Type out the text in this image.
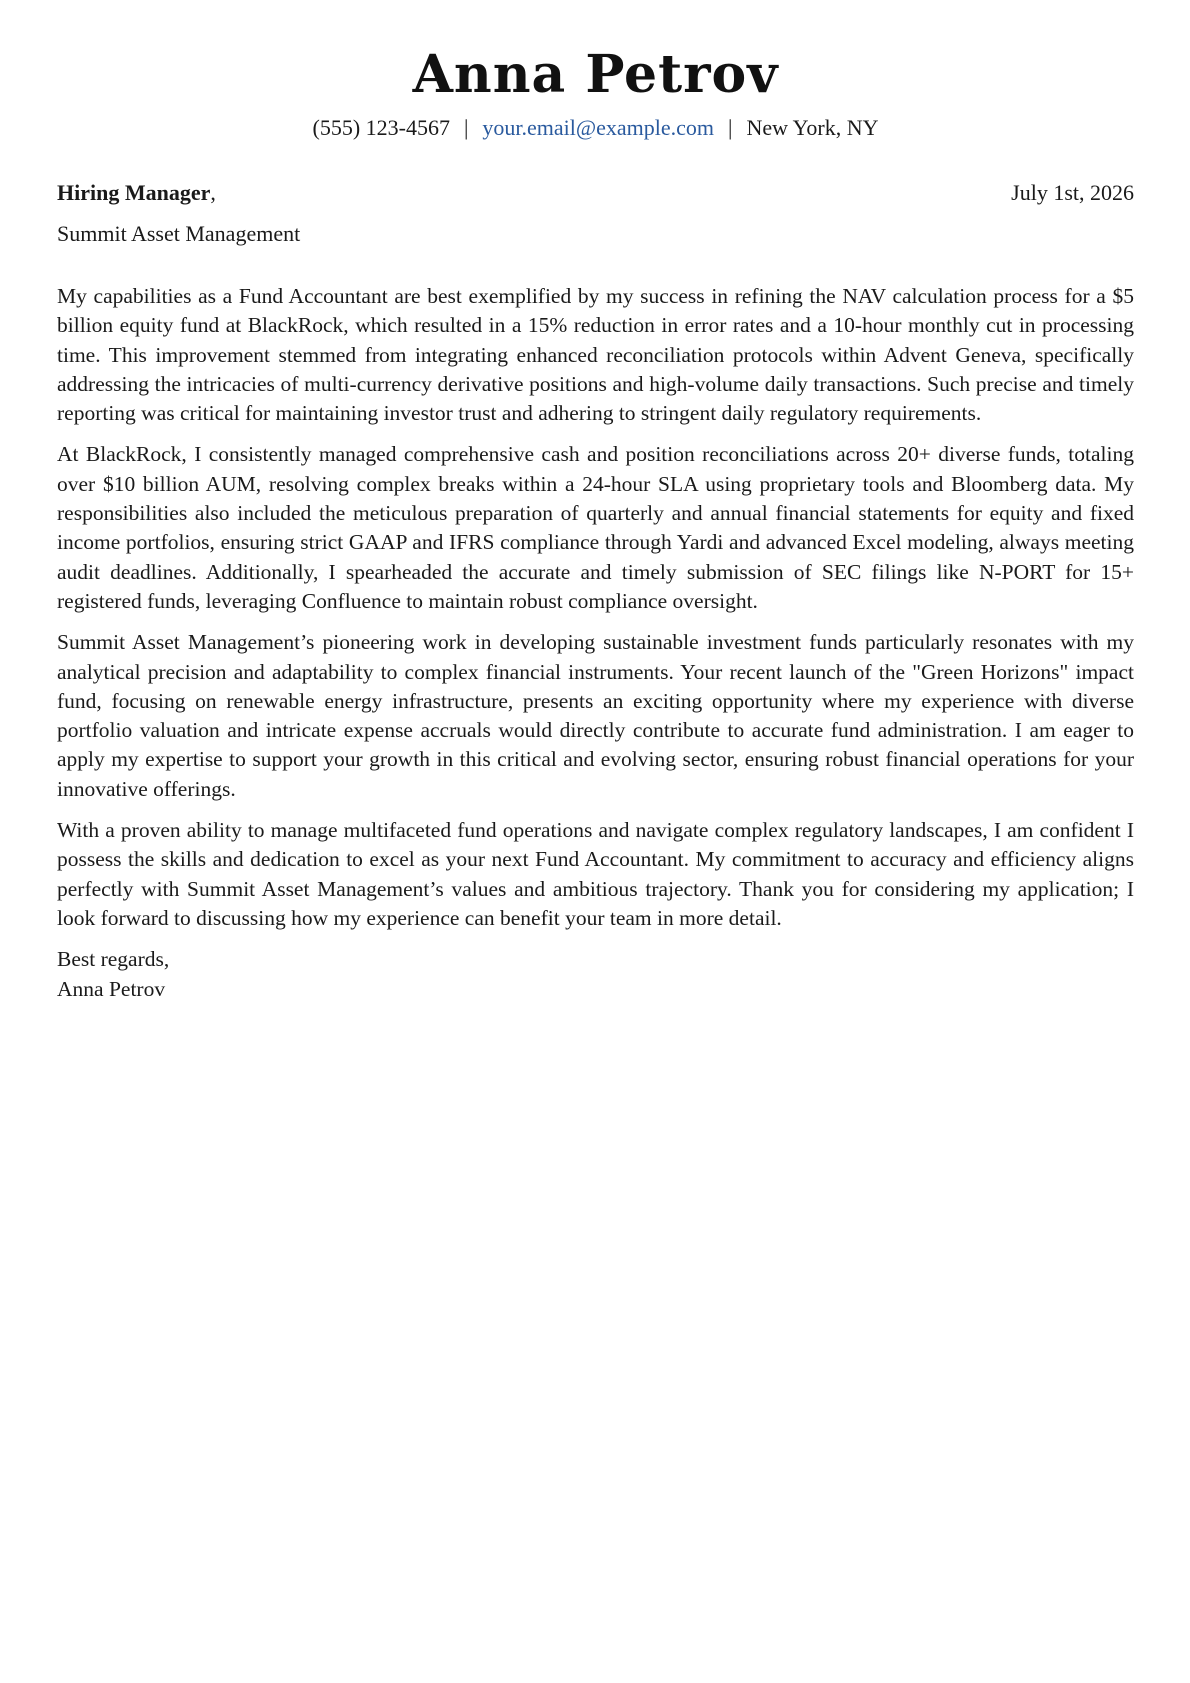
Anna Petrov
(555) 123-4567 | your.email@example.com | New York, NY
Hiring Manager,	July 1st, 2026
Summit Asset Management

My capabilities as a Fund Accountant are best exemplified by my success in refining the NAV calculation process for a $5 billion equity fund at BlackRock, which resulted in a 15% reduction in error rates and a 10-hour monthly cut in processing time. This improvement stemmed from integrating enhanced reconciliation protocols within Advent Geneva, specifically addressing the intricacies of multi-currency derivative positions and high-volume daily transactions. Such precise and timely reporting was critical for maintaining investor trust and adhering to stringent daily regulatory requirements.

At BlackRock, I consistently managed comprehensive cash and position reconciliations across 20+ diverse funds, totaling over $10 billion AUM, resolving complex breaks within a 24-hour SLA using proprietary tools and Bloomberg data. My responsibilities also included the meticulous preparation of quarterly and annual financial statements for equity and fixed income portfolios, ensuring strict GAAP and IFRS compliance through Yardi and advanced Excel modeling, always meeting audit deadlines. Additionally, I spearheaded the accurate and timely submission of SEC filings like N-PORT for 15+ registered funds, leveraging Confluence to maintain robust compliance oversight.

Summit Asset Management’s pioneering work in developing sustainable investment funds particularly resonates with my analytical precision and adaptability to complex financial instruments. Your recent launch of the "Green Horizons" impact fund, focusing on renewable energy infrastructure, presents an exciting opportunity where my experience with diverse portfolio valuation and intricate expense accruals would directly contribute to accurate fund administration. I am eager to apply my expertise to support your growth in this critical and evolving sector, ensuring robust financial operations for your innovative offerings.

With a proven ability to manage multifaceted fund operations and navigate complex regulatory landscapes, I am confident I possess the skills and dedication to excel as your next Fund Accountant. My commitment to accuracy and efficiency aligns perfectly with Summit Asset Management’s values and ambitious trajectory. Thank you for considering my application; I look forward to discussing how my experience can benefit your team in more detail.

Best regards,
Anna Petrov
